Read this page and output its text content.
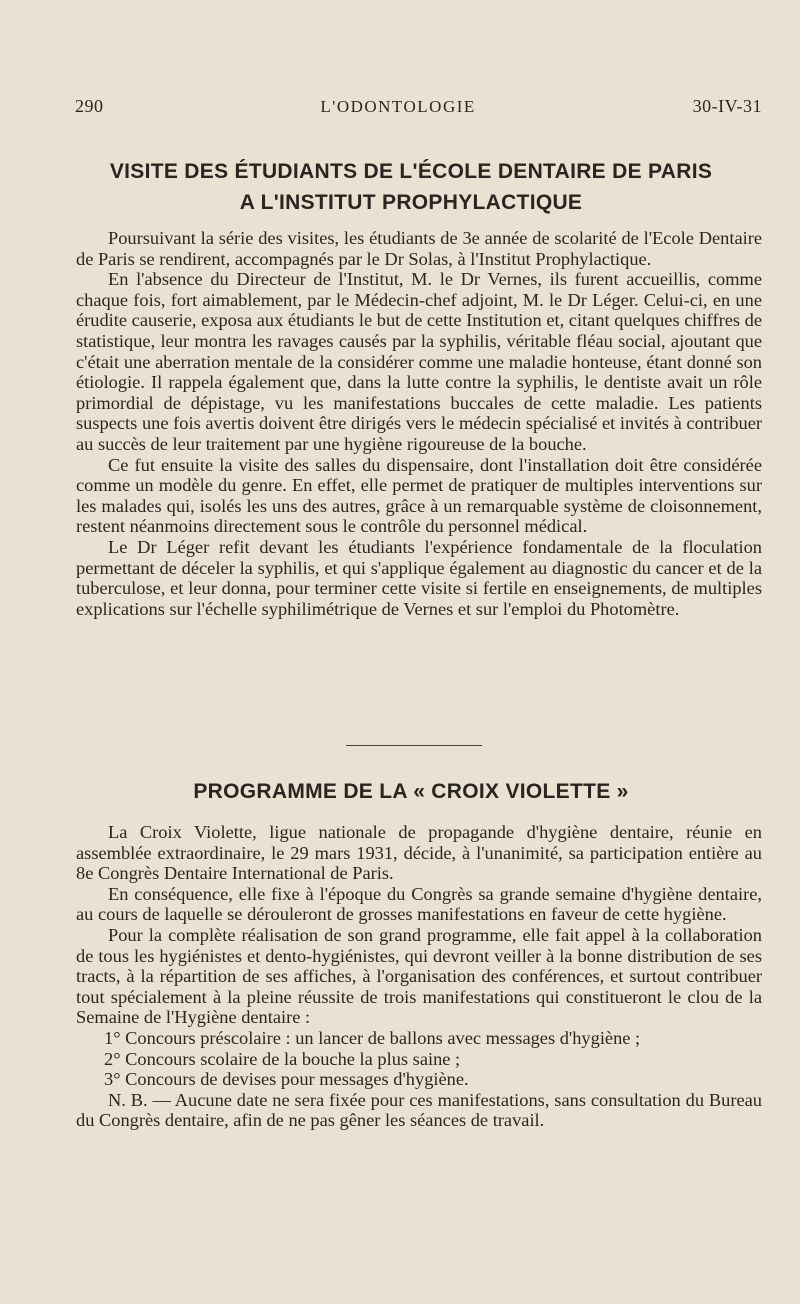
290	L'ODONTOLOGIE	30-IV-31
VISITE DES ÉTUDIANTS DE L'ÉCOLE DENTAIRE DE PARIS
A L'INSTITUT PROPHYLACTIQUE

Poursuivant la série des visites, les étudiants de 3e année de scolarité de l'Ecole Dentaire de Paris se rendirent, accompagnés par le Dr Solas, à l'Institut Prophylactique.

En l'absence du Directeur de l'Institut, M. le Dr Vernes, ils furent accueillis, comme chaque fois, fort aimablement, par le Médecin-chef adjoint, M. le Dr Léger. Celui-ci, en une érudite causerie, exposa aux étudiants le but de cette Institution et, citant quelques chiffres de statistique, leur montra les ravages causés par la syphilis, véritable fléau social, ajoutant que c'était une aberration mentale de la considérer comme une maladie honteuse, étant donné son étiologie. Il rappela également que, dans la lutte contre la syphilis, le dentiste avait un rôle primordial de dépistage, vu les manifestations buccales de cette maladie. Les patients suspects une fois avertis doivent être dirigés vers le médecin spécialisé et invités à contribuer au succès de leur traitement par une hygiène rigoureuse de la bouche.

Ce fut ensuite la visite des salles du dispensaire, dont l'installation doit être considérée comme un modèle du genre. En effet, elle permet de pratiquer de multiples interventions sur les malades qui, isolés les uns des autres, grâce à un remarquable système de cloisonnement, restent néanmoins directement sous le contrôle du personnel médical.

Le Dr Léger refit devant les étudiants l'expérience fondamentale de la floculation permettant de déceler la syphilis, et qui s'applique également au diagnostic du cancer et de la tuberculose, et leur donna, pour terminer cette visite si fertile en enseignements, de multiples explications sur l'échelle syphilimétrique de Vernes et sur l'emploi du Photomètre.

PROGRAMME DE LA « CROIX VIOLETTE »

La Croix Violette, ligue nationale de propagande d'hygiène dentaire, réunie en assemblée extraordinaire, le 29 mars 1931, décide, à l'unanimité, sa participation entière au 8e Congrès Dentaire International de Paris.

En conséquence, elle fixe à l'époque du Congrès sa grande semaine d'hygiène dentaire, au cours de laquelle se dérouleront de grosses manifestations en faveur de cette hygiène.

Pour la complète réalisation de son grand programme, elle fait appel à la collaboration de tous les hygiénistes et dento-hygiénistes, qui devront veiller à la bonne distribution de ses tracts, à la répartition de ses affiches, à l'organisation des conférences, et surtout contribuer tout spécialement à la pleine réussite de trois manifestations qui constitueront le clou de la Semaine de l'Hygiène dentaire :

1° Concours préscolaire : un lancer de ballons avec messages d'hygiène ;

2° Concours scolaire de la bouche la plus saine ;

3° Concours de devises pour messages d'hygiène.

N. B. — Aucune date ne sera fixée pour ces manifestations, sans consultation du Bureau du Congrès dentaire, afin de ne pas gêner les séances de travail.
